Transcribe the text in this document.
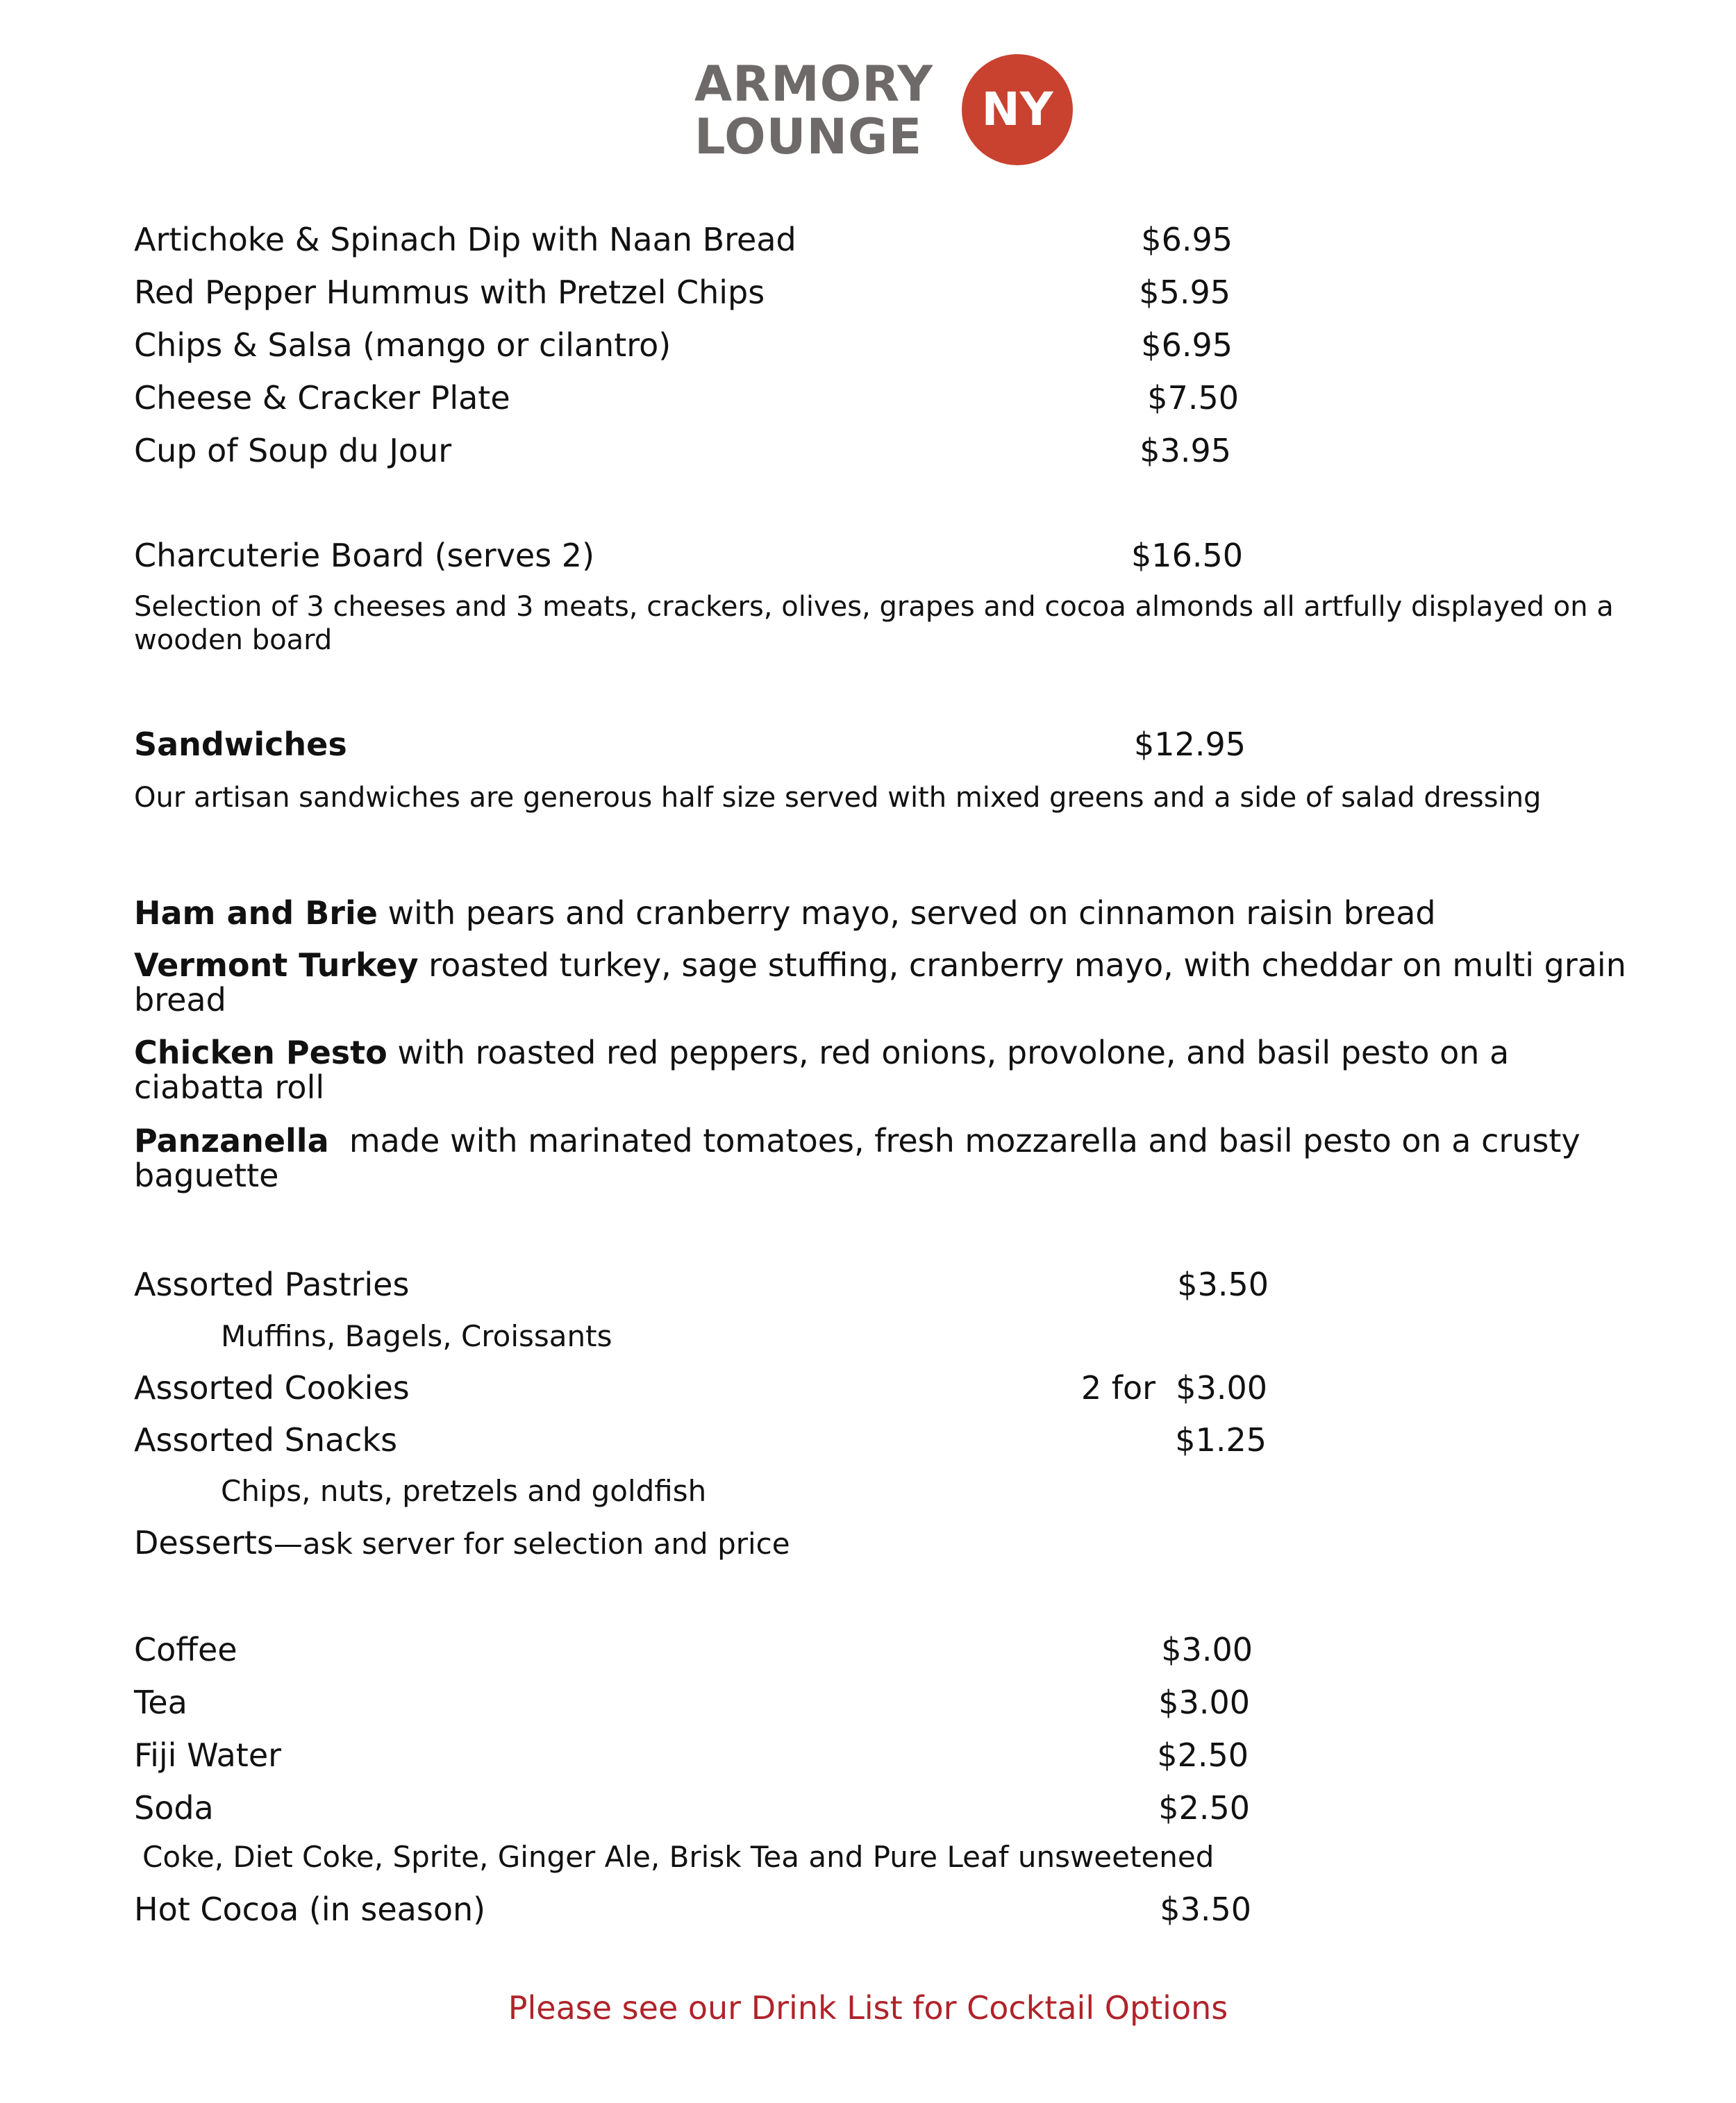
ARMORY
LOUNGE	NY
Artichoke & Spinach Dip with Naan Bread	$6.95
Red Pepper Hummus with Pretzel Chips	$5.95
Chips & Salsa (mango or cilantro)	$6.95
Cheese & Cracker Plate	$7.50
Cup of Soup du Jour	$3.95
Charcuterie Board (serves 2)	$16.50
Selection of 3 cheeses and 3 meats, crackers, olives, grapes and cocoa almonds all artfully displayed on a wooden board
Sandwiches	$12.95
Our artisan sandwiches are generous half size served with mixed greens and a side of salad dressing
Ham and Brie with pears and cranberry mayo, served on cinnamon raisin bread
Vermont Turkey roasted turkey, sage stuffing, cranberry mayo, with cheddar on multi grain bread
Chicken Pesto with roasted red peppers, red onions, provolone, and basil pesto on a ciabatta roll
Panzanella  made with marinated tomatoes, fresh mozzarella and basil pesto on a crusty baguette
Assorted Pastries	$3.50
Muffins, Bagels, Croissants
Assorted Cookies	2 for  $3.00
Assorted Snacks	$1.25
Chips, nuts, pretzels and goldfish
Desserts—ask server for selection and price
Coffee	$3.00
Tea	$3.00
Fiji Water	$2.50
Soda	$2.50
Coke, Diet Coke, Sprite, Ginger Ale, Brisk Tea and Pure Leaf unsweetened
Hot Cocoa (in season)	$3.50
Please see our Drink List for Cocktail Options
